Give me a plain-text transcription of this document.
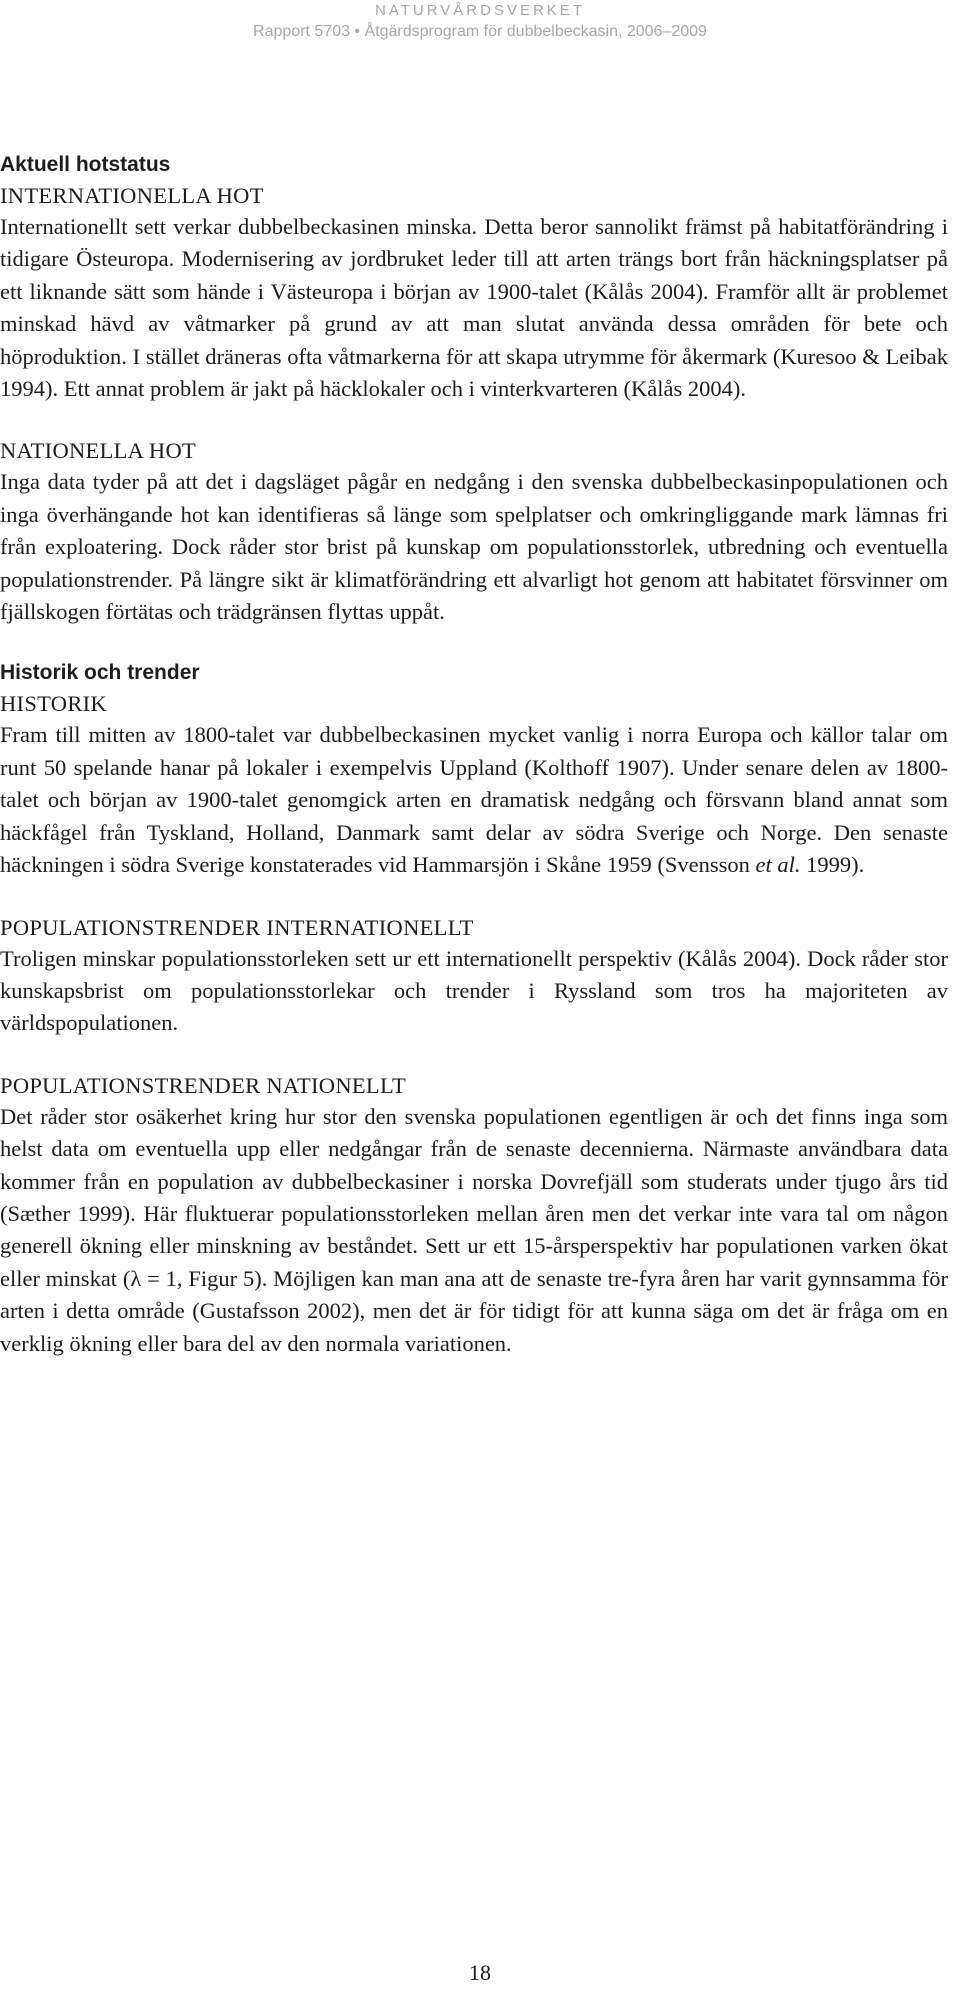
NATURVÅRDSVERKET
Rapport 5703 • Åtgärdsprogram för dubbelbeckasin, 2006–2009
Aktuell hotstatus
INTERNATIONELLA HOT

Internationellt sett verkar dubbelbeckasinen minska. Detta beror sannolikt främst på habitatförändring i tidigare Östeuropa. Modernisering av jordbruket leder till att arten trängs bort från häckningsplatser på ett liknande sätt som hände i Västeuropa i början av 1900-talet (Kålås 2004). Framför allt är problemet minskad hävd av våtmarker på grund av att man slutat använda dessa områden för bete och höproduktion. I stället dräneras ofta våtmarkerna för att skapa utrymme för åkermark (Kuresoo & Leibak 1994). Ett annat problem är jakt på häcklokaler och i vinterkvarteren (Kålås 2004).

NATIONELLA HOT

Inga data tyder på att det i dagsläget pågår en nedgång i den svenska dubbelbeckasinpopulationen och inga överhängande hot kan identifieras så länge som spelplatser och omkringliggande mark lämnas fri från exploatering. Dock råder stor brist på kunskap om populationsstorlek, utbredning och eventuella populationstrender. På längre sikt är klimatförändring ett alvarligt hot genom att habitatet försvinner om fjällskogen förtätas och trädgränsen flyttas uppåt.

Historik och trender
HISTORIK

Fram till mitten av 1800-talet var dubbelbeckasinen mycket vanlig i norra Europa och källor talar om runt 50 spelande hanar på lokaler i exempelvis Uppland (Kolthoff 1907). Under senare delen av 1800-talet och början av 1900-talet genomgick arten en dramatisk nedgång och försvann bland annat som häckfågel från Tyskland, Holland, Danmark samt delar av södra Sverige och Norge. Den senaste häckningen i södra Sverige konstaterades vid Hammarsjön i Skåne 1959 (Svensson et al. 1999).

POPULATIONSTRENDER INTERNATIONELLT

Troligen minskar populationsstorleken sett ur ett internationellt perspektiv (Kålås 2004). Dock råder stor kunskapsbrist om populationsstorlekar och trender i Ryssland som tros ha majoriteten av världspopulationen.

POPULATIONSTRENDER NATIONELLT

Det råder stor osäkerhet kring hur stor den svenska populationen egentligen är och det finns inga som helst data om eventuella upp eller nedgångar från de senaste decennierna. Närmaste användbara data kommer från en population av dubbelbeckasiner i norska Dovrefjäll som studerats under tjugo års tid (Sæther 1999). Här fluktuerar populationsstorleken mellan åren men det verkar inte vara tal om någon generell ökning eller minskning av beståndet. Sett ur ett 15-årsperspektiv har populationen varken ökat eller minskat (λ = 1, Figur 5). Möjligen kan man ana att de senaste tre-fyra åren har varit gynnsamma för arten i detta område (Gustafsson 2002), men det är för tidigt för att kunna säga om det är fråga om en verklig ökning eller bara del av den normala variationen.

18
